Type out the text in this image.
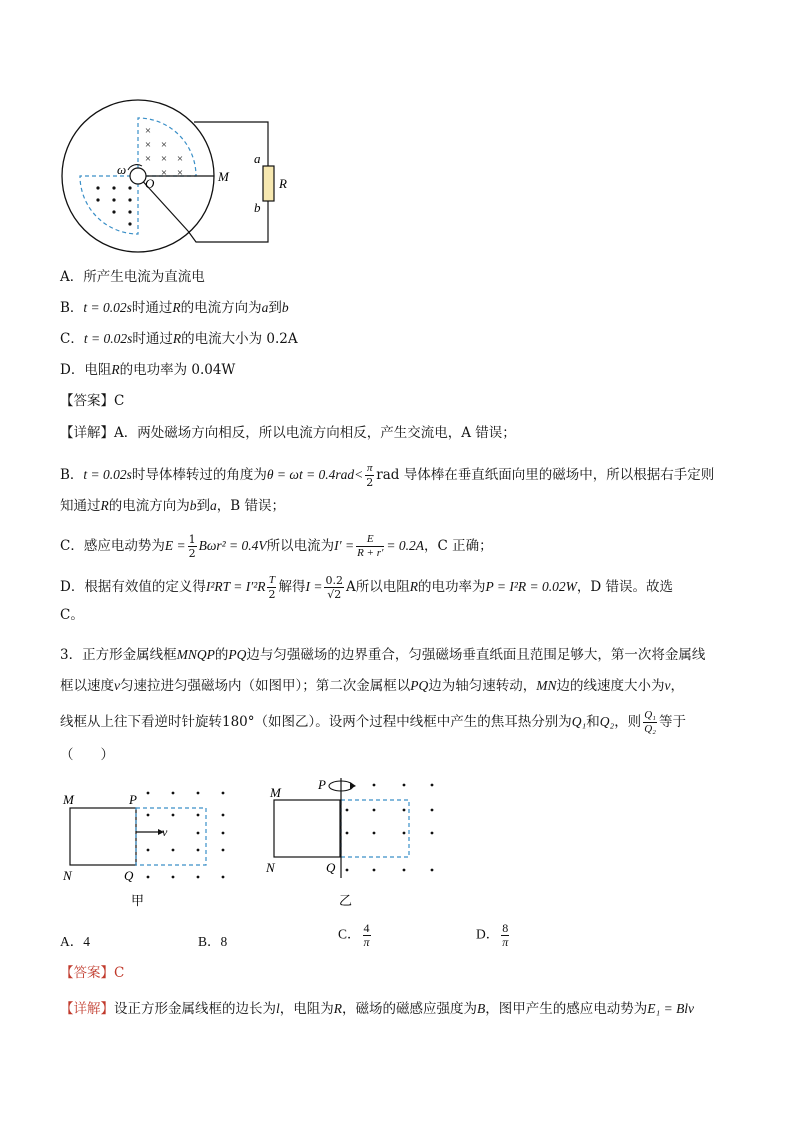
×
× ×
× × ×
× ×
ω
O	M
a
b
R
A．所产生电流为直流电
B．t = 0.02s时通过R的电流方向为a到b
C．t = 0.02s时通过R的电流大小为 0.2A
D．电阻R的电功率为 0.04W
【答案】C
【详解】A．两处磁场方向相反，所以电流方向相反，产生交流电，A 错误；
B．t = 0.02s时导体棒转过的角度为$\theta = \omega t = 0.4rad< \frac{\pi}{2}$ rad 导体棒在垂直纸面向里的磁场中，所以根据右手定则
知通过R的电流方向为b到a，B 错误；
C．感应电动势为$E = \frac{1}{2} B\omega r^2 = 0.4V$所以电流为$I' = \frac{E}{R + r'} = 0.2A$，C 正确；
D．根据有效值的定义得$I^2RT = I'^2R \frac{T}{2}$ 解得$I = \frac{0.2}{√2}$ A所以电阻R的电功率为P = I²R = 0.02W，D 错误。故选
C。
3．正方形金属线框MNQP的PQ边与匀强磁场的边界重合，匀强磁场垂直纸面且范围足够大，第一次将金属线
框以速度v匀速拉进匀强磁场内（如图甲）；第二次金属框以PQ边为轴匀速转动，MN边的线速度大小为v，
线框从上往下看逆时针旋转180°（如图乙）。设两个过程中线框中产生的焦耳热分别为Q₁和Q₂，则 $\frac{\text{Q₁}}{\text{Q₂}}$ 等于
（　　）
M	P
N	Q
v
甲
M
P
N	Q
乙
A．4	B．8	C． $\frac{4}{\pi}$	D． $\frac{8}{\pi}$
【答案】C
【详解】设正方形金属线框的边长为l，电阻为R，磁场的磁感应强度为B，图甲产生的感应电动势为E₁ = Blv
